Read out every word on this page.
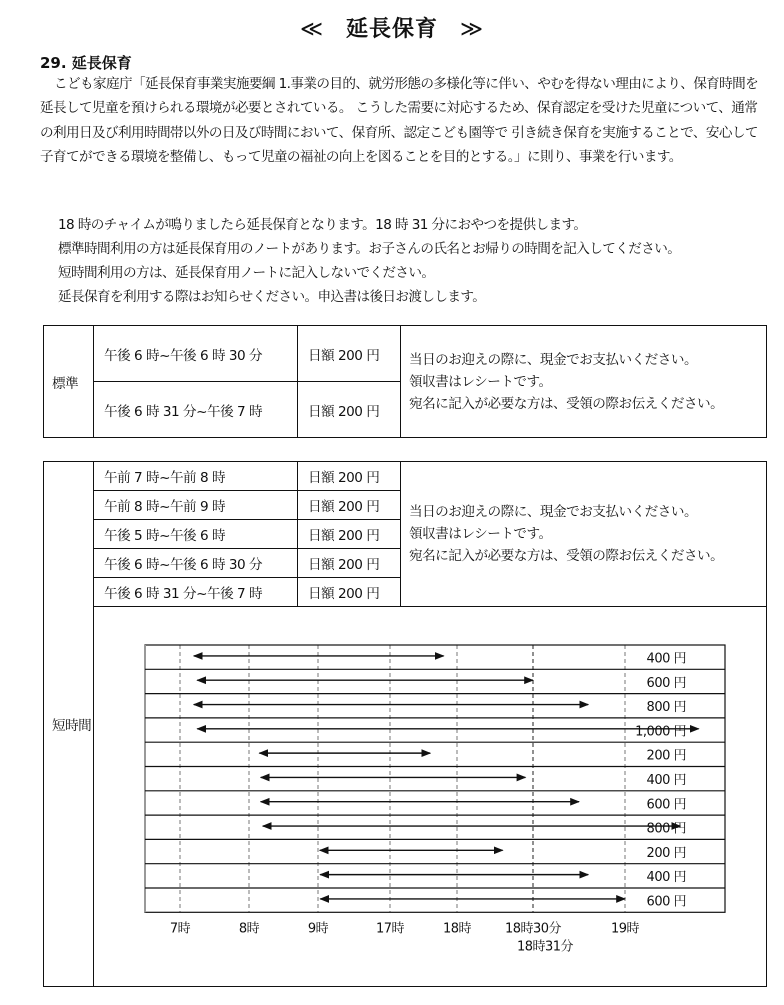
≪ 延長保育 ≫
29. 延長保育
こども家庭庁「延長保育事業実施要綱 1.事業の目的、就労形態の多様化等に伴い、やむを得ない理由により、保育時間を延長して児童を預けられる環境が必要とされている。 こうした需要に対応するため、保育認定を受けた児童について、通常の利用日及び利用時間帯以外の日及び時間において、保育所、認定こども園等で 引き続き保育を実施することで、安心して子育てができる環境を整備し、もって児童の福祉の向上を図ることを目的とする。」に則り、事業を行います。
18 時のチャイムが鳴りましたら延長保育となります。18 時 31 分におやつを提供します。
標準時間利用の方は延長保育用のノートがあります。お子さんの氏名とお帰りの時間を記入してください。
短時間利用の方は、延長保育用ノートに記入しないでください。
延長保育を利用する際はお知らせください。申込書は後日お渡しします。
標準	午後 6 時~午後 6 時 30 分	日額 200 円	当日のお迎えの際に、現金でお支払いください。
領収書はレシートです。
宛名に記入が必要な方は、受領の際お伝えください。

	午後 6 時 31 分~午後 7 時	日額 200 円	
短時間	午前 7 時~午前 8 時	日額 200 円	当日のお迎えの際に、現金でお支払いください。
領収書はレシートです。
宛名に記入が必要な方は、受領の際お伝えください。

	午前 8 時~午前 9 時	日額 200 円	
	午後 5 時~午後 6 時	日額 200 円	
	午後 6 時~午後 6 時 30 分	日額 200 円	
	午後 6 時 31 分~午後 7 時	日額 200 円	

400 円
600 円
800 円
1,000 円
200 円
400 円
600 円
800 円
200 円
400 円
600 円
7時	8時	9時	17時	18時	18時30分	19時
18時31分
